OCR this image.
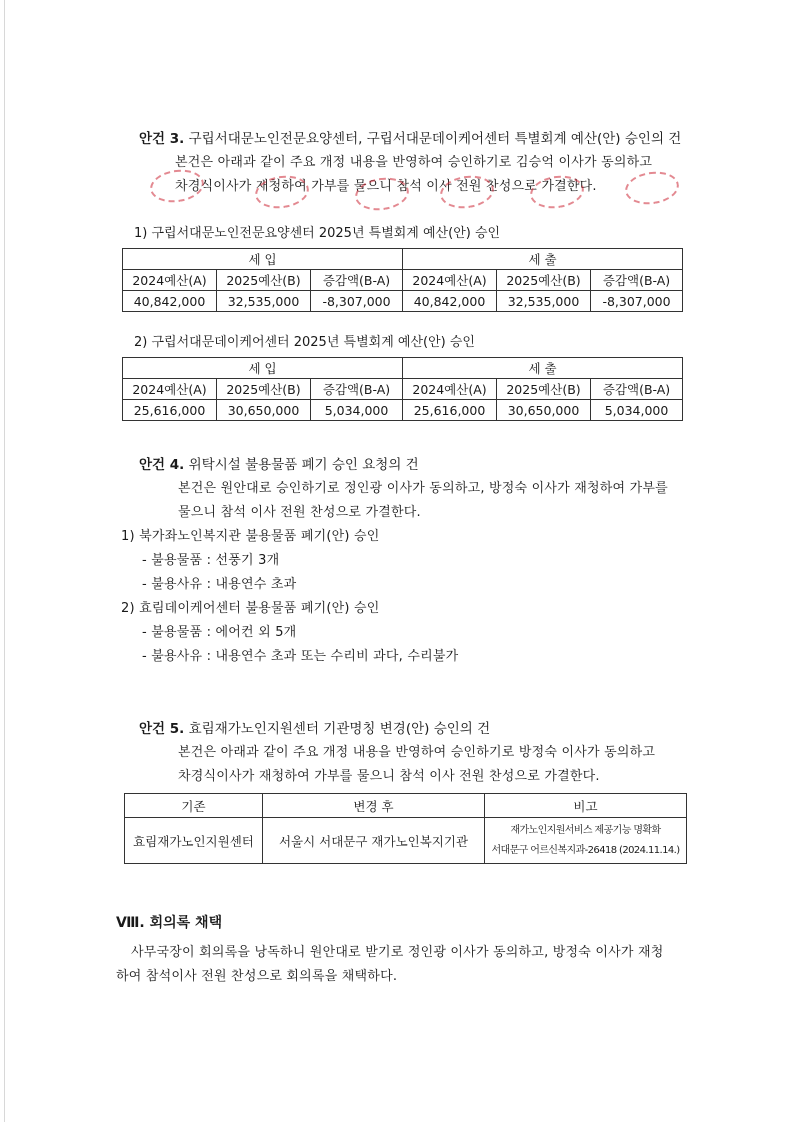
안건 3. 구립서대문노인전문요양센터, 구립서대문데이케어센터 특별회계 예산(안) 승인의 건
본건은 아래과 같이 주요 개정 내용을 반영하여 승인하기로 김승억 이사가 동의하고
차경식이사가 재청하여 가부를 물으니 참석 이사 전원 찬성으로 가결한다.
1) 구립서대문노인전문요양센터 2025년 특별회계 예산(안) 승인
세 입			세 출		
2024예산(A)	2025예산(B)	증감액(B-A)	2024예산(A)	2025예산(B)	증감액(B-A)
40,842,000	32,535,000	-8,307,000	40,842,000	32,535,000	-8,307,000
2) 구립서대문데이케어센터 2025년 특별회계 예산(안) 승인
세 입			세 출		
2024예산(A)	2025예산(B)	증감액(B-A)	2024예산(A)	2025예산(B)	증감액(B-A)
25,616,000	30,650,000	5,034,000	25,616,000	30,650,000	5,034,000
안건 4. 위탁시설 불용물품 폐기 승인 요청의 건
본건은 원안대로 승인하기로 정인광 이사가 동의하고, 방정숙 이사가 재청하여 가부를
물으니 참석 이사 전원 찬성으로 가결한다.
1) 북가좌노인복지관 불용물품 폐기(안) 승인
- 불용물품 : 선풍기 3개
- 불용사유 : 내용연수 초과
2) 효림데이케어센터 불용물품 폐기(안) 승인
- 불용물품 : 에어컨 외 5개
- 불용사유 : 내용연수 초과 또는 수리비 과다, 수리불가
안건 5. 효림재가노인지원센터 기관명칭 변경(안) 승인의 건
본건은 아래과 같이 주요 개정 내용을 반영하여 승인하기로 방정숙 이사가 동의하고
차경식이사가 재청하여 가부를 물으니 참석 이사 전원 찬성으로 가결한다.
기존	변경 후	비고
효림재가노인지원센터	서울시 서대문구 재가노인복지기관	재가노인지원서비스 제공기능 명확화
서대문구 어르신복지과-26418 (2024.11.14.)
Ⅷ. 회의록 채택
사무국장이 회의록을 낭독하니 원안대로 받기로 정인광 이사가 동의하고, 방정숙 이사가 재청
하여 참석이사 전원 찬성으로 회의록을 채택하다.
